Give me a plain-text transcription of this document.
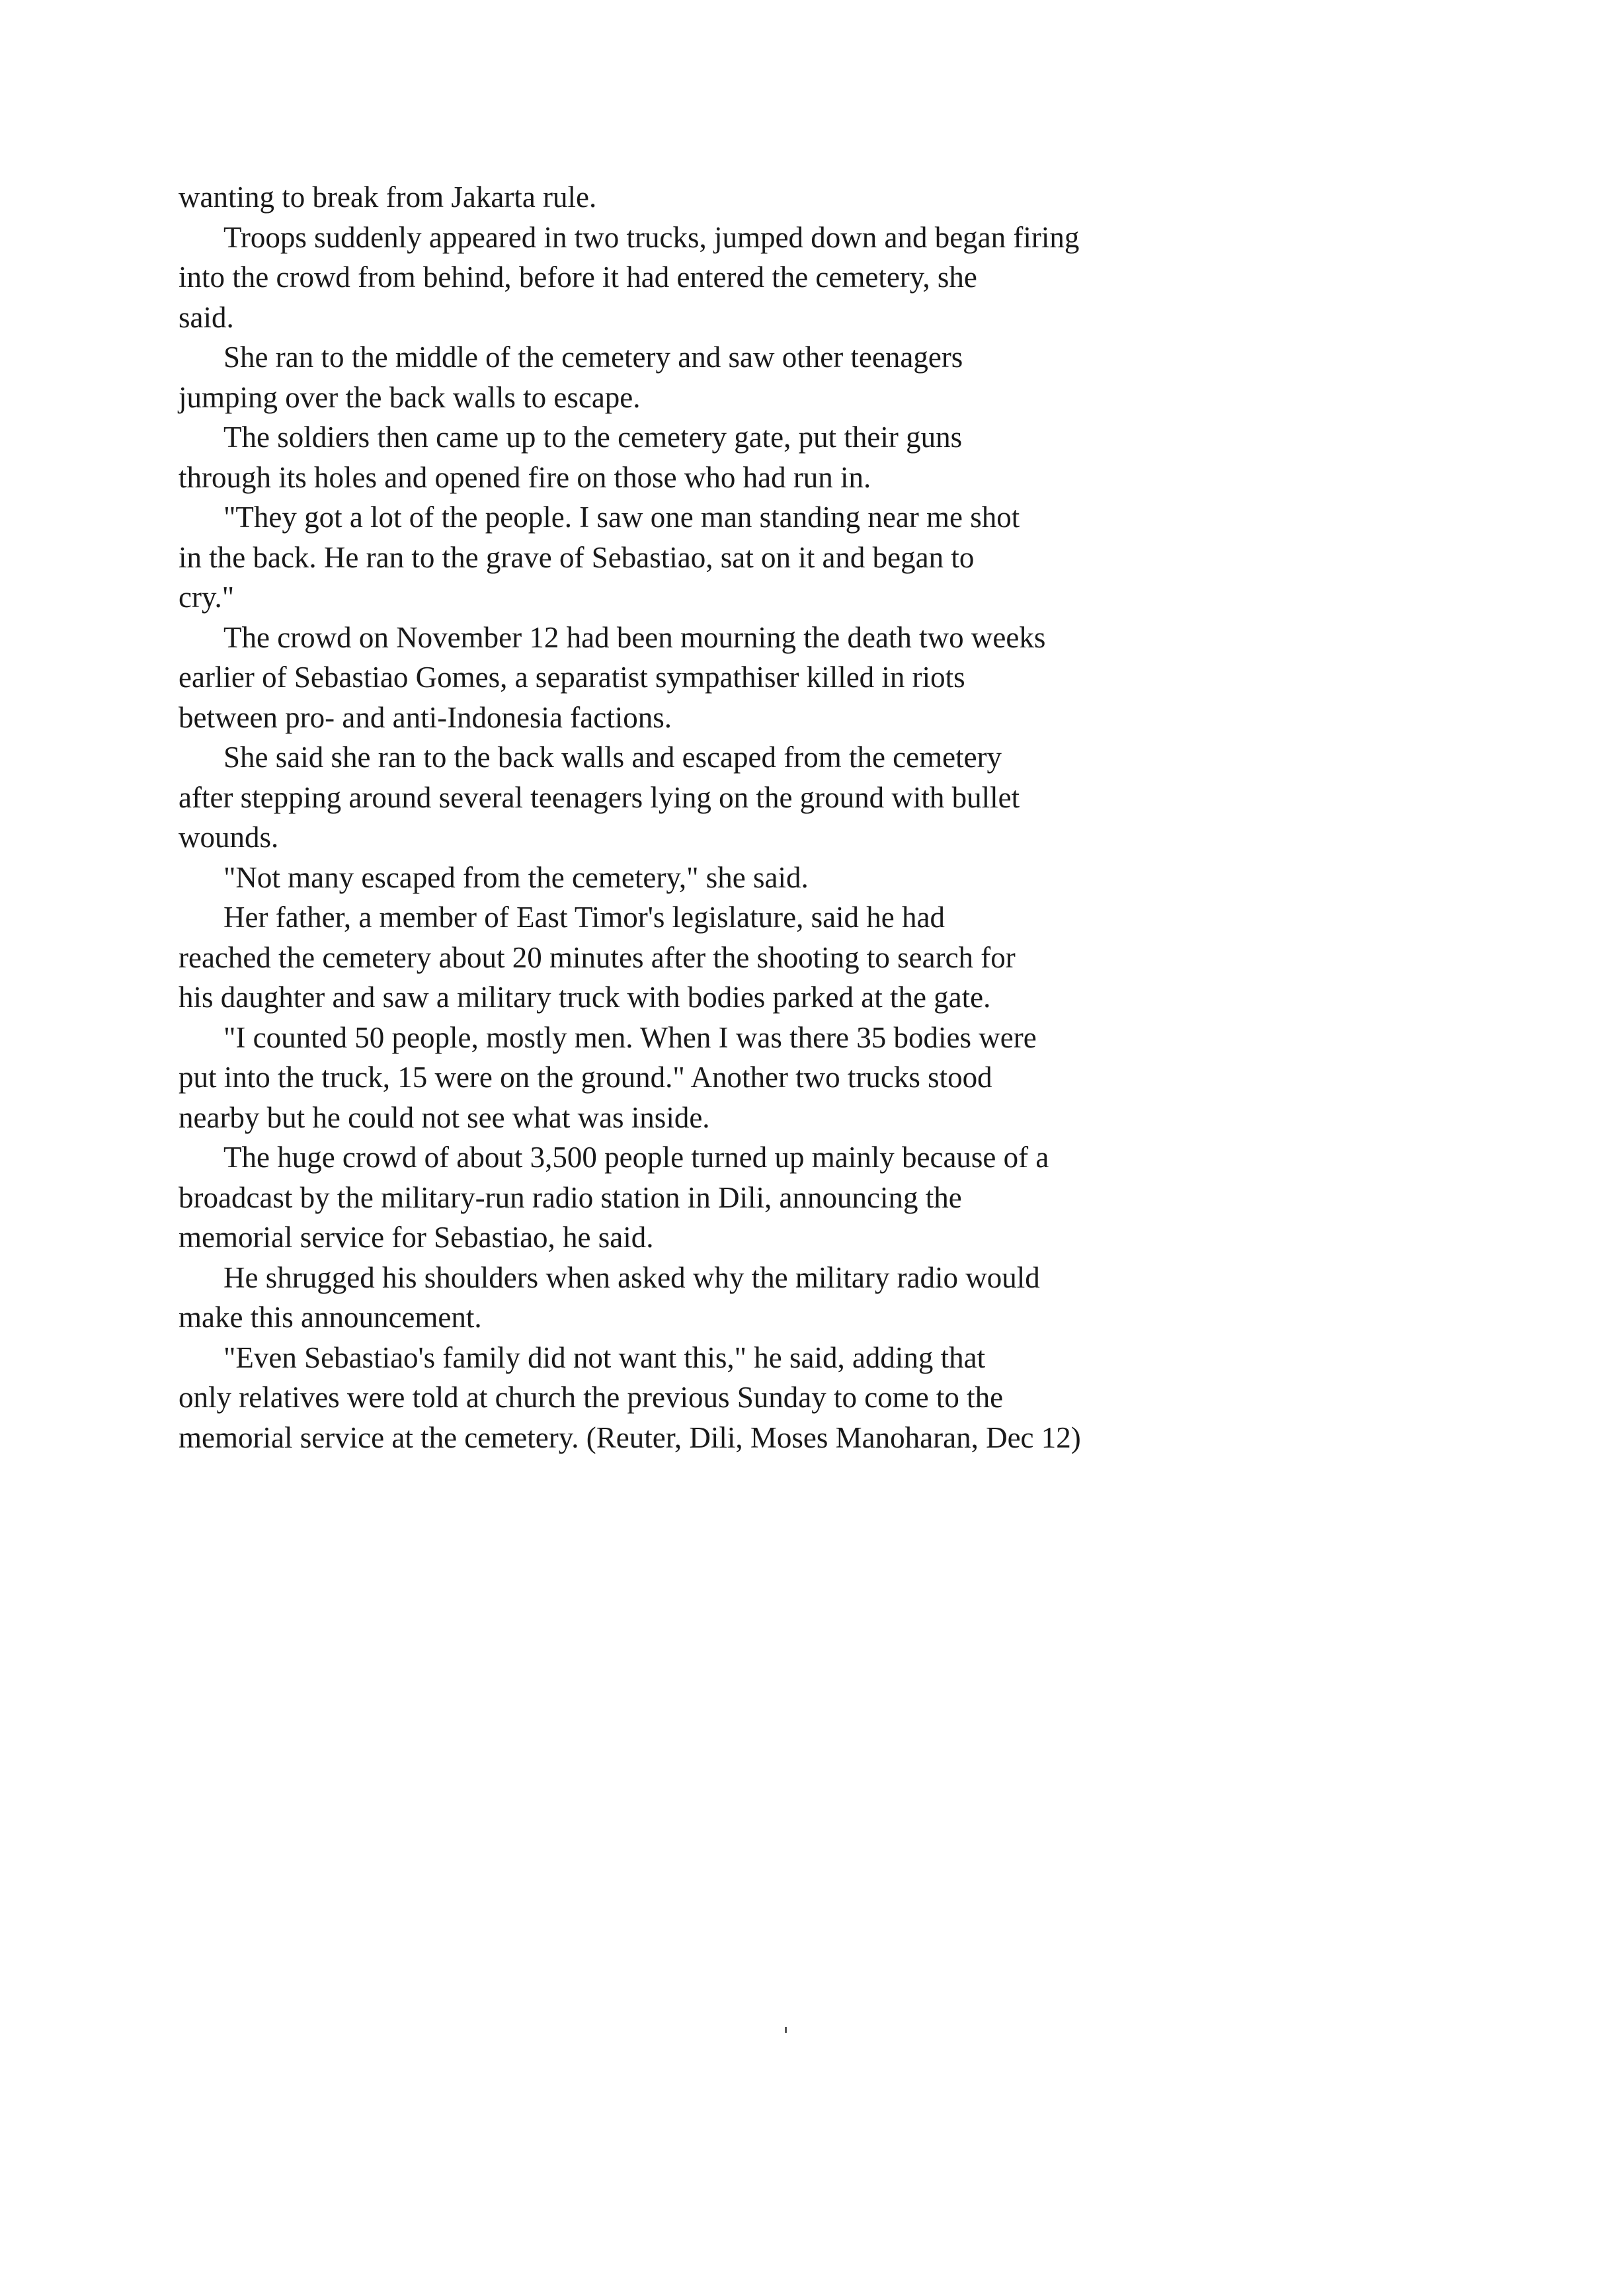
wanting to break from Jakarta rule.
Troops suddenly appeared in two trucks, jumped down and began firing
into the crowd from behind, before it had entered the cemetery, she
said.
She ran to the middle of the cemetery and saw other teenagers
jumping over the back walls to escape.
The soldiers then came up to the cemetery gate, put their guns
through its holes and opened fire on those who had run in.
"They got a lot of the people. I saw one man standing near me shot
in the back. He ran to the grave of Sebastiao, sat on it and began to
cry."
The crowd on November 12 had been mourning the death two weeks
earlier of Sebastiao Gomes, a separatist sympathiser killed in riots
between pro- and anti-Indonesia factions.
She said she ran to the back walls and escaped from the cemetery
after stepping around several teenagers lying on the ground with bullet
wounds.
"Not many escaped from the cemetery," she said.
Her father, a member of East Timor's legislature, said he had
reached the cemetery about 20 minutes after the shooting to search for
his daughter and saw a military truck with bodies parked at the gate.
"I counted 50 people, mostly men. When I was there 35 bodies were
put into the truck, 15 were on the ground." Another two trucks stood
nearby but he could not see what was inside.
The huge crowd of about 3,500 people turned up mainly because of a
broadcast by the military-run radio station in Dili, announcing the
memorial service for Sebastiao, he said.
He shrugged his shoulders when asked why the military radio would
make this announcement.
"Even Sebastiao's family did not want this," he said, adding that
only relatives were told at church the previous Sunday to come to the
memorial service at the cemetery. (Reuter, Dili, Moses Manoharan, Dec 12)
